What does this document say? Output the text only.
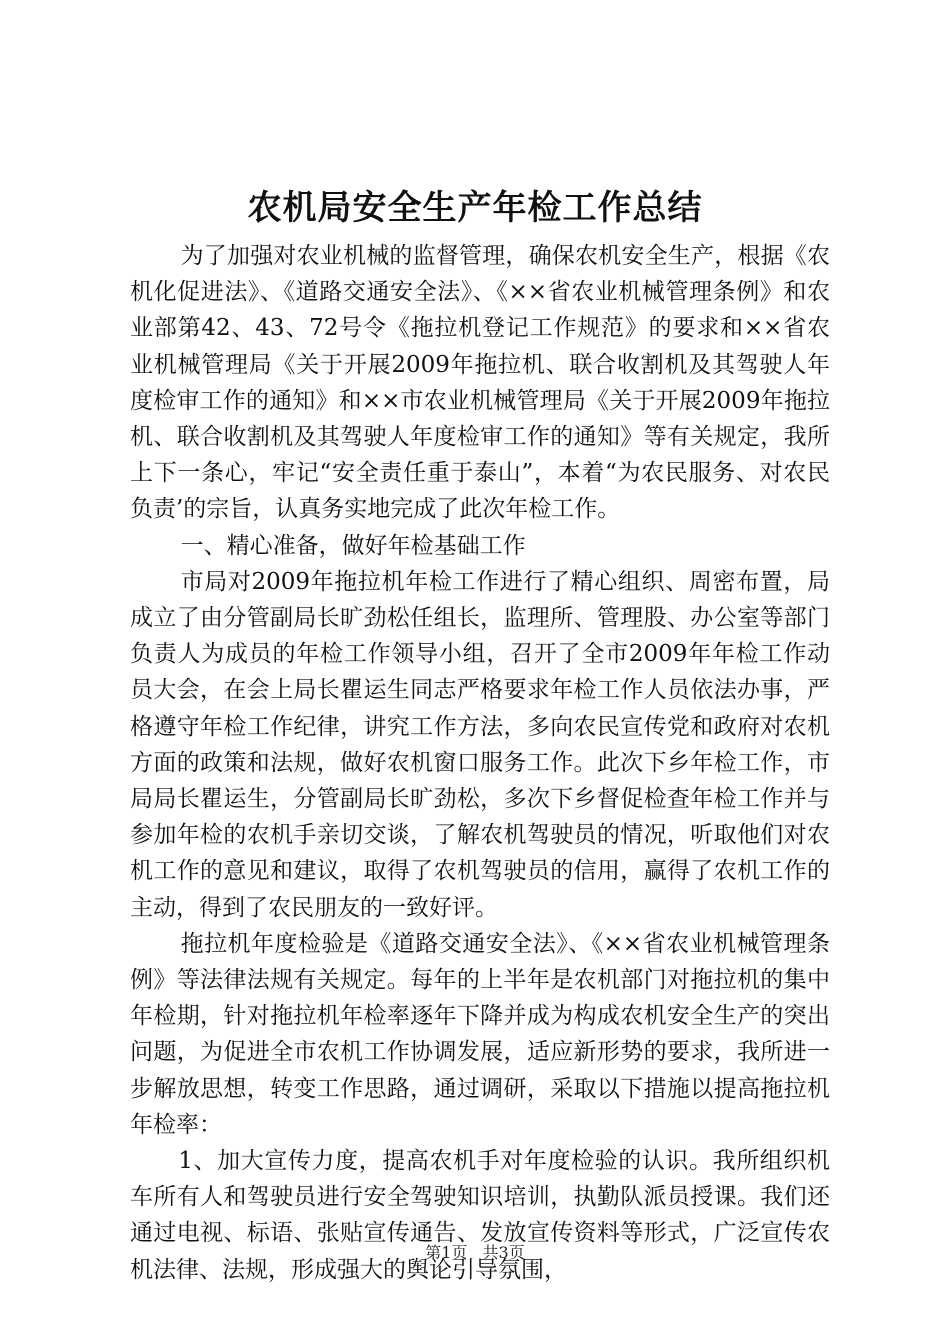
农机局安全生产年检工作总结

为了加强对农业机械的监督管理，确保农机安全生产，根据《农机化促进法》、《道路交通安全法》、《××省农业机械管理条例》和农业部第42、43、72号令《拖拉机登记工作规范》的要求和××省农业机械管理局《关于开展2009年拖拉机、联合收割机及其驾驶人年度检审工作的通知》和××市农业机械管理局《关于开展2009年拖拉机、联合收割机及其驾驶人年度检审工作的通知》等有关规定，我所上下一条心，牢记“安全责任重于泰山”，本着“为农民服务、对农民负责’的宗旨，认真务实地完成了此次年检工作。

一、精心准备，做好年检基础工作

市局对2009年拖拉机年检工作进行了精心组织、周密布置，局成立了由分管副局长旷劲松任组长，监理所、管理股、办公室等部门负责人为成员的年检工作领导小组，召开了全市2009年年检工作动员大会，在会上局长瞿运生同志严格要求年检工作人员依法办事，严格遵守年检工作纪律，讲究工作方法，多向农民宣传党和政府对农机方面的政策和法规，做好农机窗口服务工作。此次下乡年检工作，市局局长瞿运生，分管副局长旷劲松，多次下乡督促检查年检工作并与参加年检的农机手亲切交谈，了解农机驾驶员的情况，听取他们对农机工作的意见和建议，取得了农机驾驶员的信用，赢得了农机工作的主动，得到了农民朋友的一致好评。

拖拉机年度检验是《道路交通安全法》、《××省农业机械管理条例》等法律法规有关规定。每年的上半年是农机部门对拖拉机的集中年检期，针对拖拉机年检率逐年下降并成为构成农机安全生产的突出问题，为促进全市农机工作协调发展，适应新形势的要求，我所进一步解放思想，转变工作思路，通过调研，采取以下措施以提高拖拉机年检率：

1、加大宣传力度，提高农机手对年度检验的认识。我所组织机车所有人和驾驶员进行安全驾驶知识培训，执勤队派员授课。我们还通过电视、标语、张贴宣传通告、发放宣传资料等形式，广泛宣传农机法律、法规，形成强大的舆论引导氛围，

第1页 共3页
